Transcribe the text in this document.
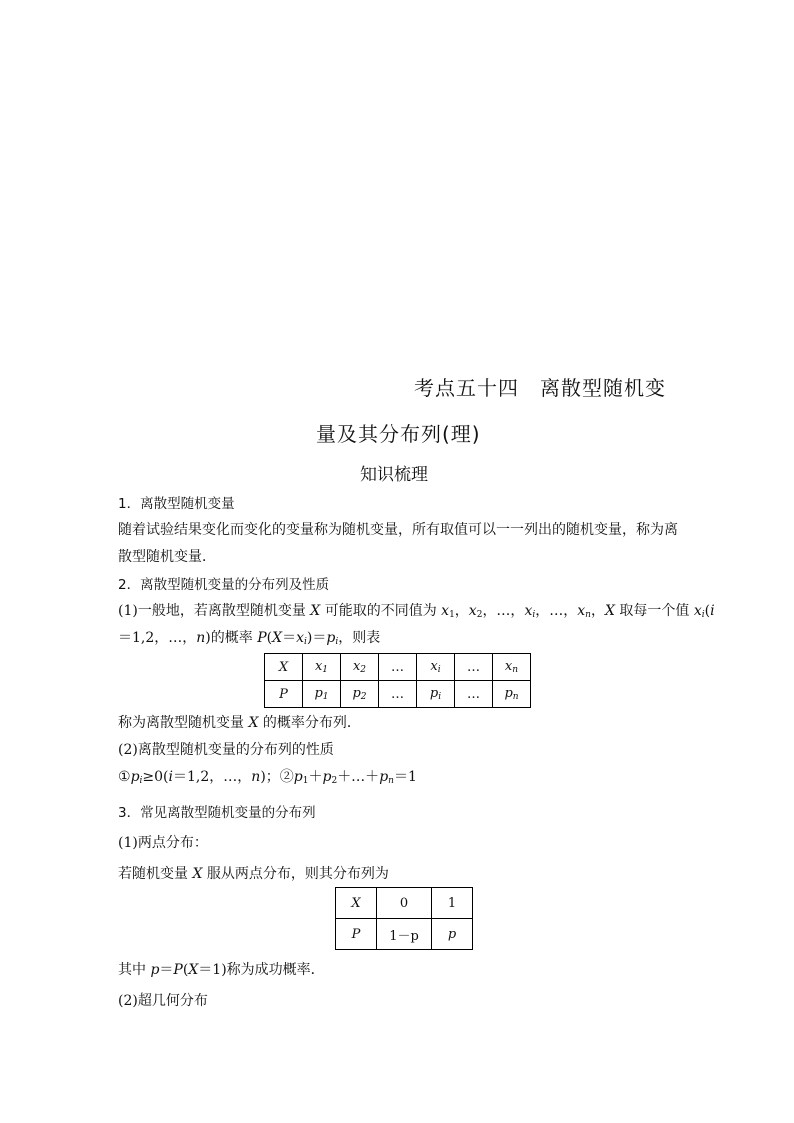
考点五十四　离散型随机变
量及其分布列(理)
知识梳理
1．离散型随机变量
随着试验结果变化而变化的变量称为随机变量，所有取值可以一一列出的随机变量，称为离
散型随机变量．
2．离散型随机变量的分布列及性质
(1)一般地，若离散型随机变量 X 可能取的不同值为 $x_1$，$x_2$，…，$x_i$，…，$x_n$，X 取每一个值 $x_i(i$
＝1,2，…，n)的概率 $P(X=x_i)=p_i$，则表
X	$x_1$	$x_2$	…	$x_i$	…	$x_n$
P	$p_1$	$p_2$	…	$p_i$	…	$p_n$
称为离散型随机变量 X 的概率分布列．
(2)离散型随机变量的分布列的性质
$①p_i\ge 0(i=1,2$，…，n)；$②p_1+p_2+\dots+p_n=1$
3．常见离散型随机变量的分布列
(1)两点分布：
若随机变量 X 服从两点分布，则其分布列为
X	0	1
P	1－p	p
其中 p＝P(X＝1)称为成功概率．
(2)超几何分布
